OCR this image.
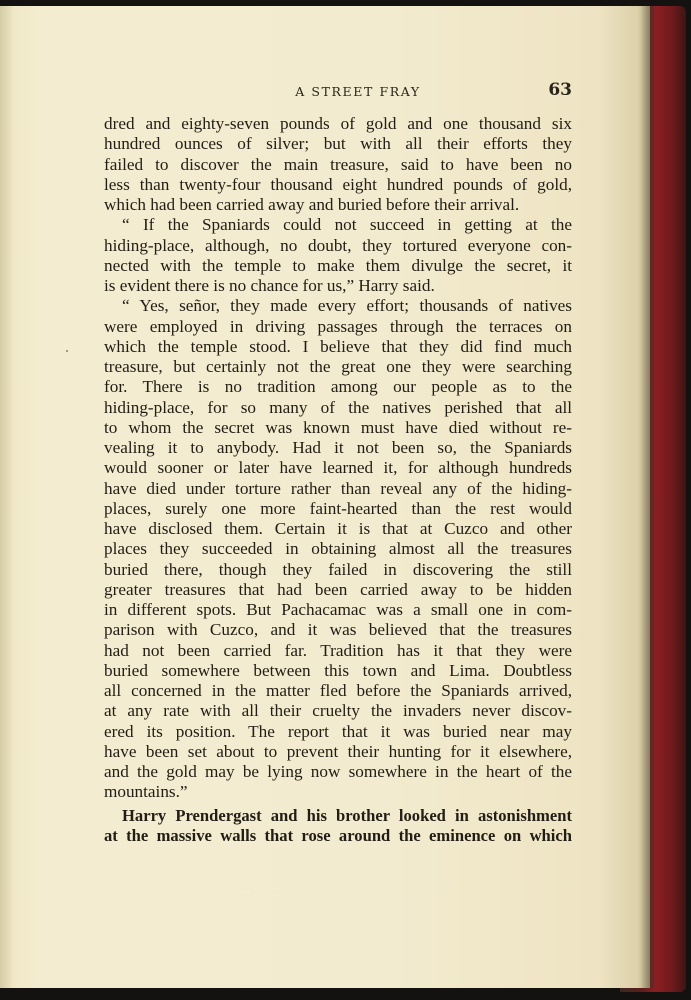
A STREET FRAY	63
dred and eighty-seven pounds of gold and one thousand six
hundred ounces of silver; but with all their efforts they
failed to discover the main treasure, said to have been no
less than twenty-four thousand eight hundred pounds of gold,
which had been carried away and buried before their arrival.
“ If the Spaniards could not succeed in getting at the
hiding-place, although, no doubt, they tortured everyone con-
nected with the temple to make them divulge the secret, it
is evident there is no chance for us,” Harry said.
“ Yes, señor, they made every effort; thousands of natives
were employed in driving passages through the terraces on
which the temple stood. I believe that they did find much
treasure, but certainly not the great one they were searching
for. There is no tradition among our people as to the
hiding-place, for so many of the natives perished that all
to whom the secret was known must have died without re-
vealing it to anybody. Had it not been so, the Spaniards
would sooner or later have learned it, for although hundreds
have died under torture rather than reveal any of the hiding-
places, surely one more faint-hearted than the rest would
have disclosed them. Certain it is that at Cuzco and other
places they succeeded in obtaining almost all the treasures
buried there, though they failed in discovering the still
greater treasures that had been carried away to be hidden
in different spots. But Pachacamac was a small one in com-
parison with Cuzco, and it was believed that the treasures
had not been carried far. Tradition has it that they were
buried somewhere between this town and Lima. Doubtless
all concerned in the matter fled before the Spaniards arrived,
at any rate with all their cruelty the invaders never discov-
ered its position. The report that it was buried near may
have been set about to prevent their hunting for it elsewhere,
and the gold may be lying now somewhere in the heart of the
mountains.”
Harry Prendergast and his brother looked in astonishment
at the massive walls that rose around the eminence on which
